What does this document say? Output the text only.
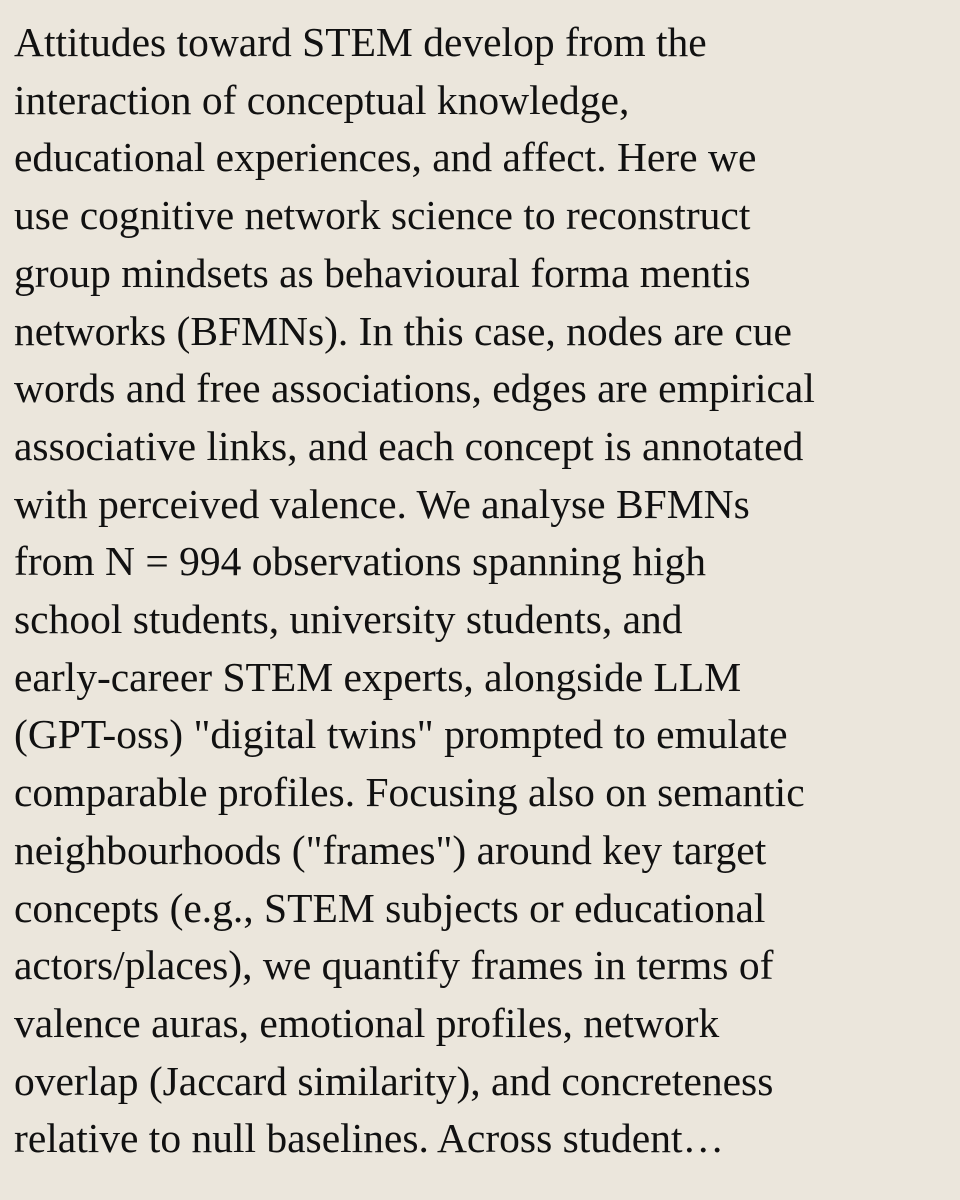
Attitudes toward STEM develop from the
interaction of conceptual knowledge,
educational experiences, and affect. Here we
use cognitive network science to reconstruct
group mindsets as behavioural forma mentis
networks (BFMNs). In this case, nodes are cue
words and free associations, edges are empirical
associative links, and each concept is annotated
with perceived valence. We analyse BFMNs
from N = 994 observations spanning high
school students, university students, and
early-career STEM experts, alongside LLM
(GPT-oss) "digital twins" prompted to emulate
comparable profiles. Focusing also on semantic
neighbourhoods ("frames") around key target
concepts (e.g., STEM subjects or educational
actors/places), we quantify frames in terms of
valence auras, emotional profiles, network
overlap (Jaccard similarity), and concreteness
relative to null baselines. Across student…
